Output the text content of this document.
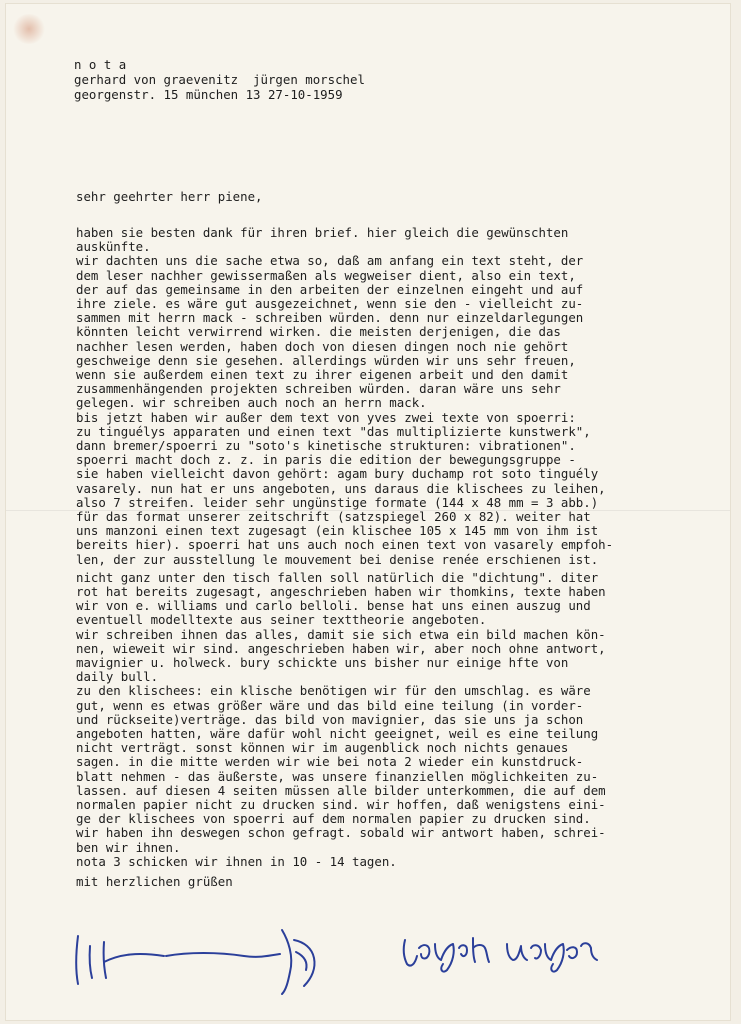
n o t a
gerhard von graevenitz  jürgen morschel
georgenstr. 15 münchen 13 27-10-1959
sehr geehrter herr piene,
haben sie besten dank für ihren brief. hier gleich die gewünschten
auskünfte.
wir dachten uns die sache etwa so, daß am anfang ein text steht, der
dem leser nachher gewissermaßen als wegweiser dient, also ein text,
der auf das gemeinsame in den arbeiten der einzelnen eingeht und auf
ihre ziele. es wäre gut ausgezeichnet, wenn sie den - vielleicht zu-
sammen mit herrn mack - schreiben würden. denn nur einzeldarlegungen
könnten leicht verwirrend wirken. die meisten derjenigen, die das
nachher lesen werden, haben doch von diesen dingen noch nie gehört
geschweige denn sie gesehen. allerdings würden wir uns sehr freuen,
wenn sie außerdem einen text zu ihrer eigenen arbeit und den damit
zusammenhängenden projekten schreiben würden. daran wäre uns sehr
gelegen. wir schreiben auch noch an herrn mack.
bis jetzt haben wir außer dem text von yves zwei texte von spoerri:
zu tinguélys apparaten und einen text "das multiplizierte kunstwerk",
dann bremer/spoerri zu "soto's kinetische strukturen: vibrationen".
spoerri macht doch z. z. in paris die edition der bewegungsgruppe -
sie haben vielleicht davon gehört: agam bury duchamp rot soto tinguély
vasarely. nun hat er uns angeboten, uns daraus die klischees zu leihen,
also 7 streifen. leider sehr ungünstige formate (144 x 48 mm = 3 abb.)
für das format unserer zeitschrift (satzspiegel 260 x 82). weiter hat
uns manzoni einen text zugesagt (ein klischee 105 x 145 mm von ihm ist
bereits hier). spoerri hat uns auch noch einen text von vasarely empfoh-
len, der zur ausstellung le mouvement bei denise renée erschienen ist.
nicht ganz unter den tisch fallen soll natürlich die "dichtung". diter
rot hat bereits zugesagt, angeschrieben haben wir thomkins, texte haben
wir von e. williams und carlo belloli. bense hat uns einen auszug und
eventuell modelltexte aus seiner texttheorie angeboten.
wir schreiben ihnen das alles, damit sie sich etwa ein bild machen kön-
nen, wieweit wir sind. angeschrieben haben wir, aber noch ohne antwort,
mavignier u. holweck. bury schickte uns bisher nur einige hfte von
daily bull.
zu den klischees: ein klische benötigen wir für den umschlag. es wäre
gut, wenn es etwas größer wäre und das bild eine teilung (in vorder-
und rückseite)verträge. das bild von mavignier, das sie uns ja schon
angeboten hatten, wäre dafür wohl nicht geeignet, weil es eine teilung
nicht verträgt. sonst können wir im augenblick noch nichts genaues
sagen. in die mitte werden wir wie bei nota 2 wieder ein kunstdruck-
blatt nehmen - das äußerste, was unsere finanziellen möglichkeiten zu-
lassen. auf diesen 4 seiten müssen alle bilder unterkommen, die auf dem
normalen papier nicht zu drucken sind. wir hoffen, daß wenigstens eini-
ge der klischees von spoerri auf dem normalen papier zu drucken sind.
wir haben ihn deswegen schon gefragt. sobald wir antwort haben, schrei-
ben wir ihnen.
nota 3 schicken wir ihnen in 10 - 14 tagen.
mit herzlichen grüßen
